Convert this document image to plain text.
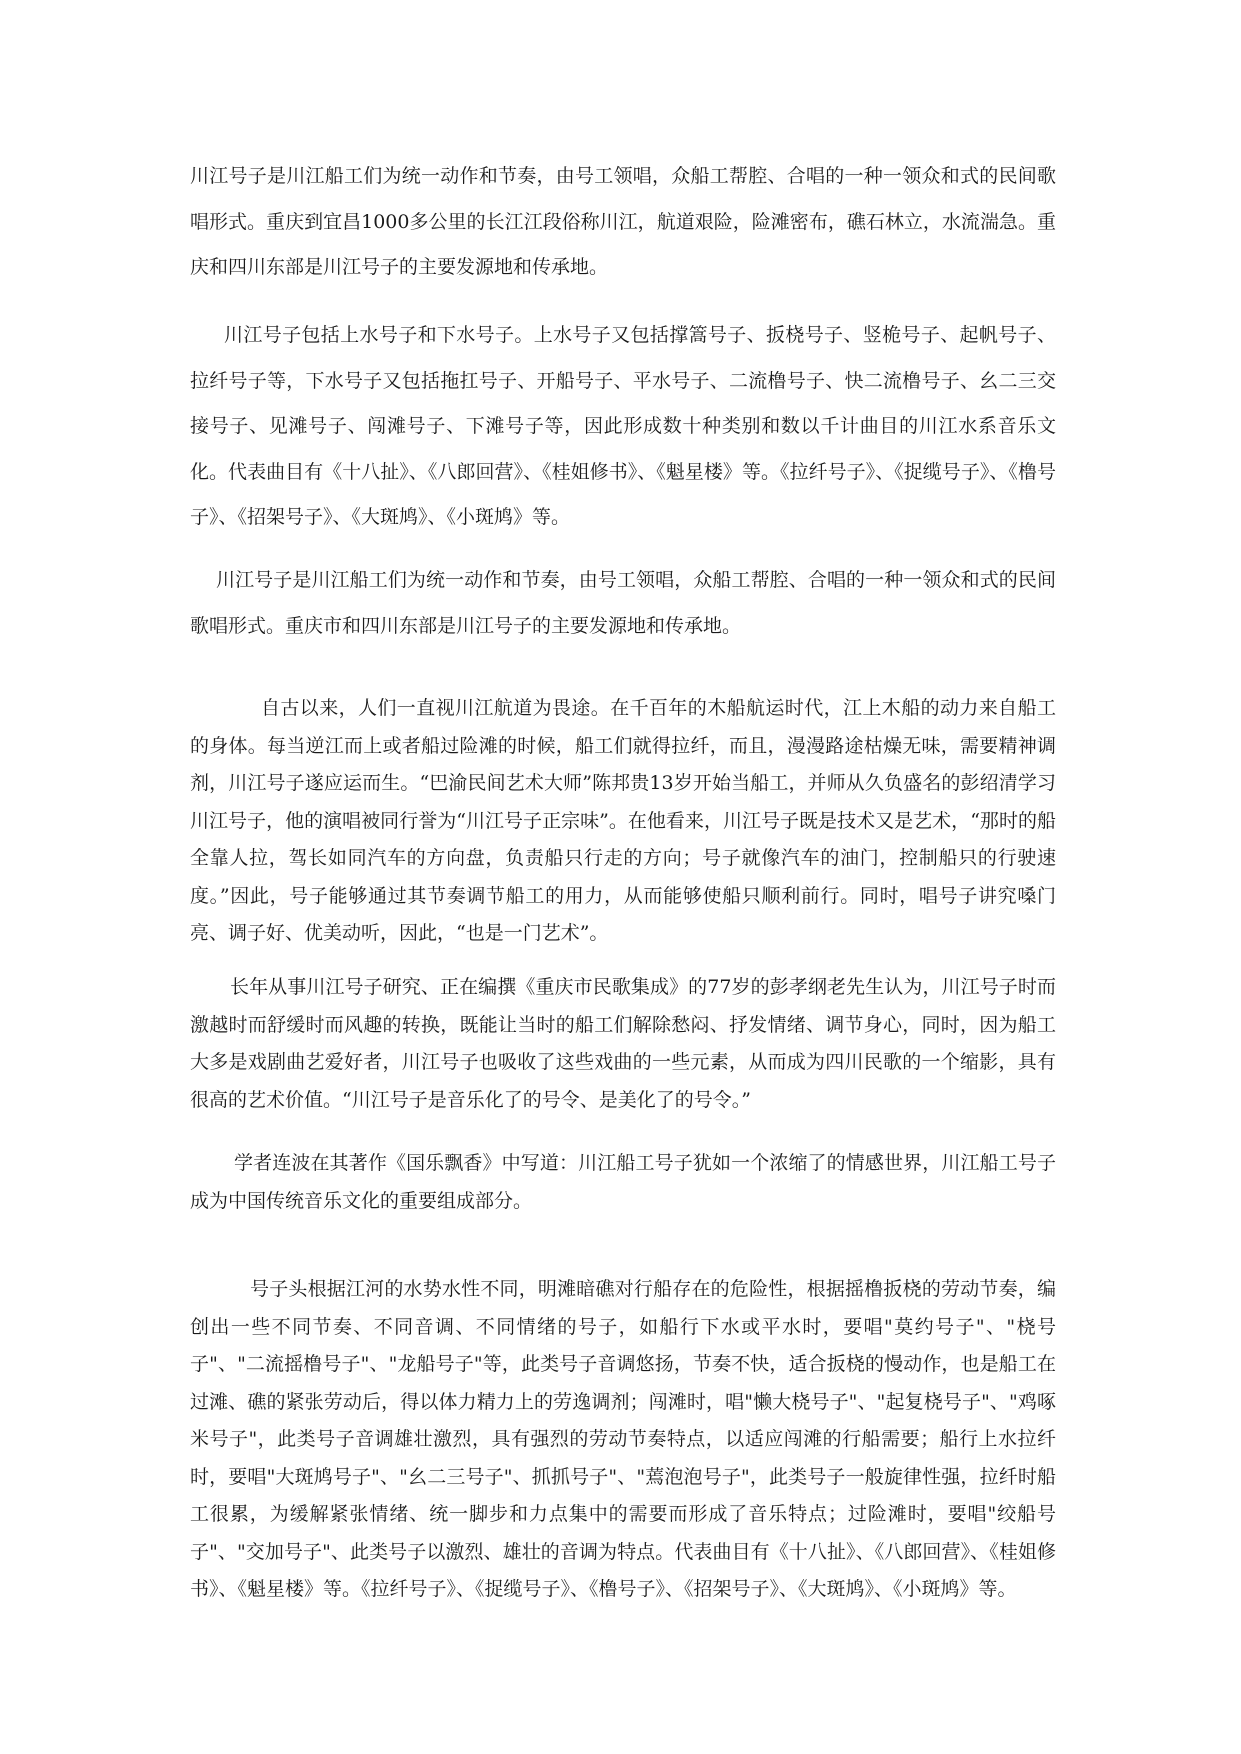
川江号子是川江船工们为统一动作和节奏，由号工领唱，众船工帮腔、合唱的一种一领众和式的民间歌唱形式。重庆到宜昌1000多公里的长江江段俗称川江，航道艰险，险滩密布，礁石林立，水流湍急。重庆和四川东部是川江号子的主要发源地和传承地。

川江号子包括上水号子和下水号子。上水号子又包括撑篙号子、扳桡号子、竖桅号子、起帆号子、拉纤号子等，下水号子又包括拖扛号子、开船号子、平水号子、二流橹号子、快二流橹号子、幺二三交接号子、见滩号子、闯滩号子、下滩号子等，因此形成数十种类别和数以千计曲目的川江水系音乐文化。代表曲目有《十八扯》、《八郎回营》、《桂姐修书》、《魁星楼》等。《拉纤号子》、《捉缆号子》、《橹号子》、《招架号子》、《大斑鸠》、《小斑鸠》等。

川江号子是川江船工们为统一动作和节奏，由号工领唱，众船工帮腔、合唱的一种一领众和式的民间歌唱形式。重庆市和四川东部是川江号子的主要发源地和传承地。

自古以来，人们一直视川江航道为畏途。在千百年的木船航运时代，江上木船的动力来自船工的身体。每当逆江而上或者船过险滩的时候，船工们就得拉纤，而且，漫漫路途枯燥无味，需要精神调剂，川江号子遂应运而生。“巴渝民间艺术大师”陈邦贵13岁开始当船工，并师从久负盛名的彭绍清学习川江号子，他的演唱被同行誉为“川江号子正宗味”。在他看来，川江号子既是技术又是艺术，“那时的船全靠人拉，驾长如同汽车的方向盘，负责船只行走的方向；号子就像汽车的油门，控制船只的行驶速度。”因此，号子能够通过其节奏调节船工的用力，从而能够使船只顺利前行。同时，唱号子讲究嗓门亮、调子好、优美动听，因此，“也是一门艺术”。

长年从事川江号子研究、正在编撰《重庆市民歌集成》的77岁的彭孝纲老先生认为，川江号子时而激越时而舒缓时而风趣的转换，既能让当时的船工们解除愁闷、抒发情绪、调节身心，同时，因为船工大多是戏剧曲艺爱好者，川江号子也吸收了这些戏曲的一些元素，从而成为四川民歌的一个缩影，具有很高的艺术价值。“川江号子是音乐化了的号令、是美化了的号令。”

学者连波在其著作《国乐飘香》中写道：川江船工号子犹如一个浓缩了的情感世界，川江船工号子成为中国传统音乐文化的重要组成部分。

号子头根据江河的水势水性不同，明滩暗礁对行船存在的危险性，根据摇橹扳桡的劳动节奏，编创出一些不同节奏、不同音调、不同情绪的号子，如船行下水或平水时，要唱"莫约号子"、"桡号子"、"二流摇橹号子"、"龙船号子"等，此类号子音调悠扬，节奏不快，适合扳桡的慢动作，也是船工在过滩、礁的紧张劳动后，得以体力精力上的劳逸调剂；闯滩时，唱"懒大桡号子"、"起复桡号子"、"鸡啄米号子"，此类号子音调雄壮激烈，具有强烈的劳动节奏特点，以适应闯滩的行船需要；船行上水拉纤时，要唱"大斑鸠号子"、"幺二三号子"、抓抓号子"、"蔫泡泡号子"，此类号子一般旋律性强，拉纤时船工很累，为缓解紧张情绪、统一脚步和力点集中的需要而形成了音乐特点；过险滩时，要唱"绞船号子"、"交加号子"、此类号子以激烈、雄壮的音调为特点。代表曲目有《十八扯》、《八郎回营》、《桂姐修书》、《魁星楼》等。《拉纤号子》、《捉缆号子》、《橹号子》、《招架号子》、《大斑鸠》、《小斑鸠》等。
